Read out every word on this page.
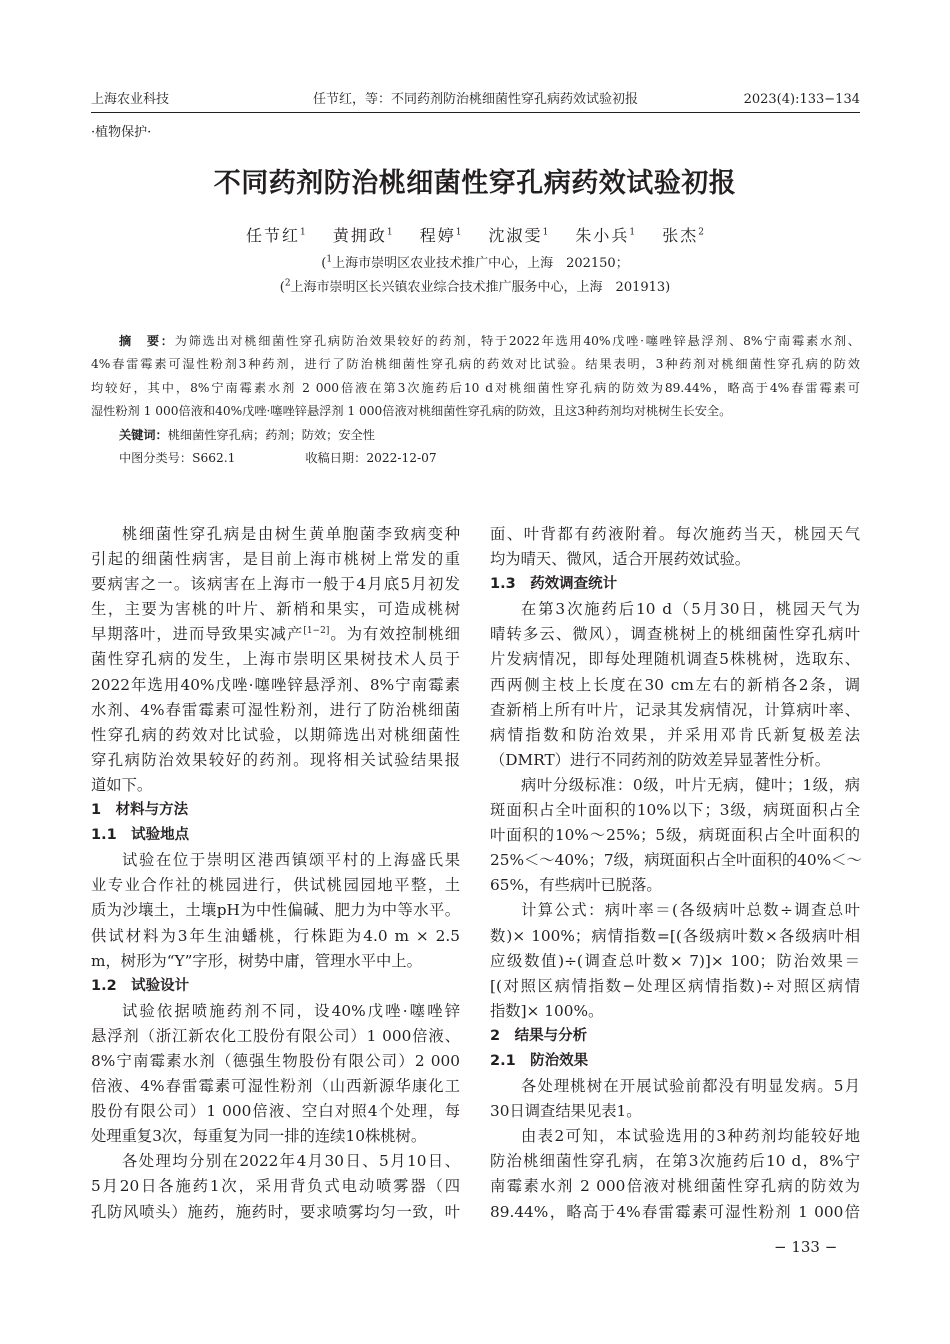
上海农业科技	任节红，等：不同药剂防治桃细菌性穿孔病药效试验初报	2023(4):133−134
·植物保护·
不同药剂防治桃细菌性穿孔病药效试验初报
任节红$^1$ 黄拥政$^1$ 程婷$^1$ 沈淑雯$^1$ 朱小兵$^1$ 张杰$^2$
($^1$上海市崇明区农业技术推广中心，上海　202150；
($^2$上海市崇明区长兴镇农业综合技术推广服务中心，上海　201913)
摘　要：为筛选出对桃细菌性穿孔病防治效果较好的药剂，特于2022年选用40%戊唑·噻唑锌悬浮剂、8%宁南霉素水剂、
4%春雷霉素可湿性粉剂3种药剂，进行了防治桃细菌性穿孔病的药效对比试验。结果表明，3种药剂对桃细菌性穿孔病的防效
均较好，其中，8%宁南霉素水剂 2 000倍液在第3次施药后10 d对桃细菌性穿孔病的防效为89.44%，略高于4%春雷霉素可
湿性粉剂 1 000倍液和40%戊唑·噻唑锌悬浮剂 1 000倍液对桃细菌性穿孔病的防效，且这3种药剂均对桃树生长安全。
关键词：桃细菌性穿孔病；药剂；防效；安全性
中图分类号：S662.1	收稿日期：2022-12-07
桃细菌性穿孔病是由树生黄单胞菌李致病变种
引起的细菌性病害，是目前上海市桃树上常发的重
要病害之一。该病害在上海市一般于4月底5月初发
生，主要为害桃的叶片、新梢和果实，可造成桃树
早期落叶，进而导致果实减产[1−2]。为有效控制桃细
菌性穿孔病的发生，上海市崇明区果树技术人员于
2022年选用40%戊唑·噻唑锌悬浮剂、8%宁南霉素
水剂、4%春雷霉素可湿性粉剂，进行了防治桃细菌
性穿孔病的药效对比试验，以期筛选出对桃细菌性
穿孔病防治效果较好的药剂。现将相关试验结果报
道如下。
1　材料与方法
1.1　试验地点
试验在位于崇明区港西镇颂平村的上海盛氏果
业专业合作社的桃园进行，供试桃园园地平整，土
质为沙壤土，土壤pH为中性偏碱、肥力为中等水平。
供试材料为3年生油蟠桃，行株距为4.0 m × 2.5
m，树形为“Y”字形，树势中庸，管理水平中上。
1.2　试验设计
试验依据喷施药剂不同，设40%戊唑·噻唑锌
悬浮剂（浙江新农化工股份有限公司）1 000倍液、
8%宁南霉素水剂（德强生物股份有限公司）2 000
倍液、4%春雷霉素可湿性粉剂（山西新源华康化工
股份有限公司）1 000倍液、空白对照4个处理，每
处理重复3次，每重复为同一排的连续10株桃树。
各处理均分别在2022年4月30日、5月10日、
5月20日各施药1次，采用背负式电动喷雾器（四
孔防风喷头）施药，施药时，要求喷雾均匀一致，叶
面、叶背都有药液附着。每次施药当天，桃园天气
均为晴天、微风，适合开展药效试验。
1.3　药效调查统计
在第3次施药后10 d（5月30日，桃园天气为
晴转多云、微风），调查桃树上的桃细菌性穿孔病叶
片发病情况，即每处理随机调查5株桃树，选取东、
西两侧主枝上长度在30 cm左右的新梢各2条，调
查新梢上所有叶片，记录其发病情况，计算病叶率、
病情指数和防治效果，并采用邓肯氏新复极差法
（DMRT）进行不同药剂的防效差异显著性分析。
病叶分级标准：0级，叶片无病，健叶；1级，病
斑面积占全叶面积的10%以下；3级，病斑面积占全
叶面积的10%～25%；5级，病斑面积占全叶面积的
25%＜～40%；7级，病斑面积占全叶面积的40%＜～
65%，有些病叶已脱落。
计算公式：病叶率＝(各级病叶总数÷调查总叶
数)× 100%；病情指数=[(各级病叶数×各级病叶相
应级数值)÷(调查总叶数× 7)]× 100；防治效果＝
[(对照区病情指数−处理区病情指数)÷对照区病情
指数]× 100%。
2　结果与分析
2.1　防治效果
各处理桃树在开展试验前都没有明显发病。5月
30日调查结果见表1。
由表2可知，本试验选用的3种药剂均能较好地
防治桃细菌性穿孔病，在第3次施药后10 d，8%宁
南霉素水剂 2 000倍液对桃细菌性穿孔病的防效为
89.44%，略高于4%春雷霉素可湿性粉剂 1 000倍
− 133 −
